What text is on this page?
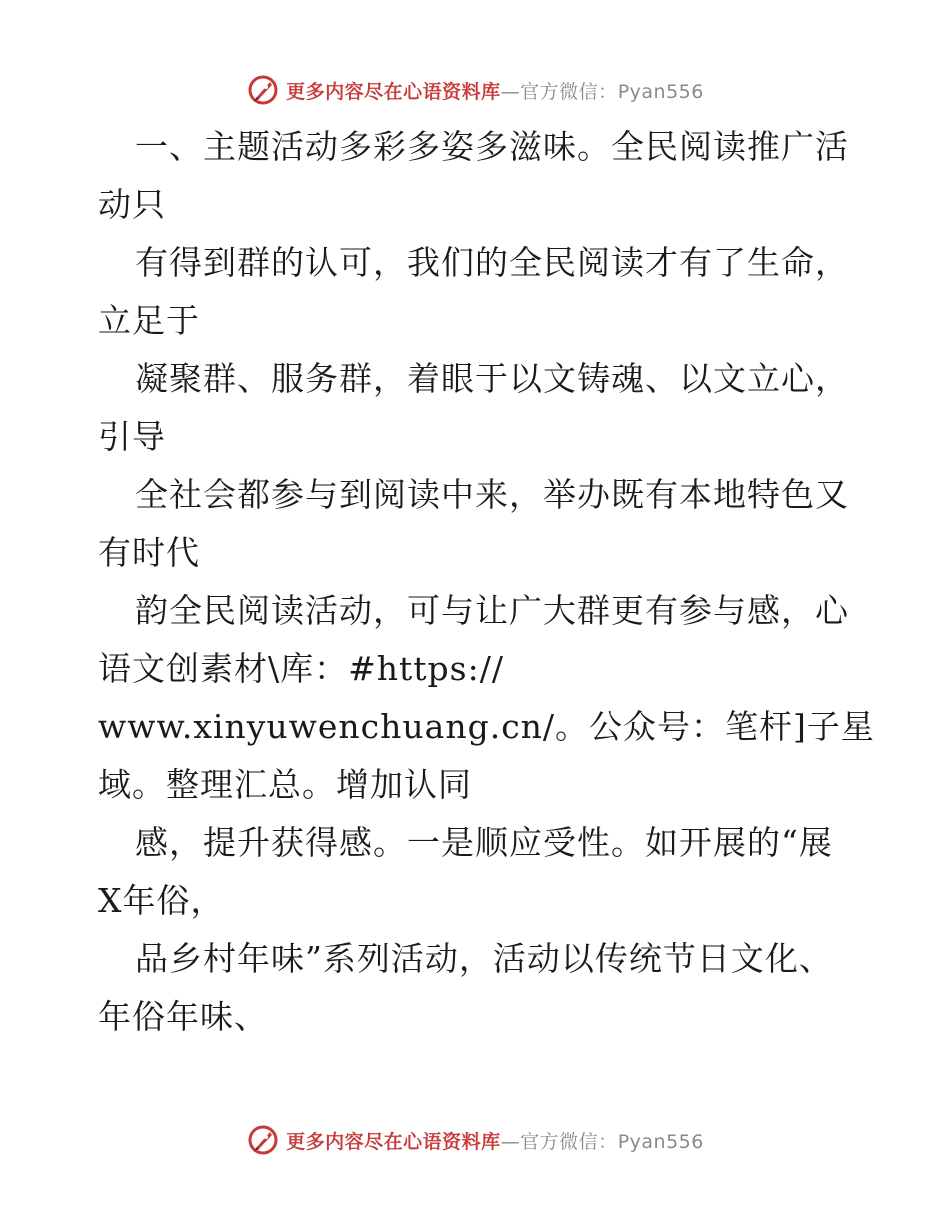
更多内容尽在心语资料库—官方微信：Pyan556
一、主题活动多彩多姿多滋味。全民阅读推广活
动只
有得到群的认可，我们的全民阅读才有了生命，
立足于
凝聚群、服务群，着眼于以文铸魂、以文立心，
引导
全社会都参与到阅读中来，举办既有本地特色又
有时代
韵全民阅读活动，可与让广大群更有参与感，心
语文创素材\库：#https://
www.xinyuwenchuang.cn/。公众号：笔杆]子星
域。整理汇总。增加认同
感，提升获得感。一是顺应受性。如开展的“展
X年俗，
品乡村年味”系列活动，活动以传统节日文化、
年俗年味、
更多内容尽在心语资料库—官方微信：Pyan556
